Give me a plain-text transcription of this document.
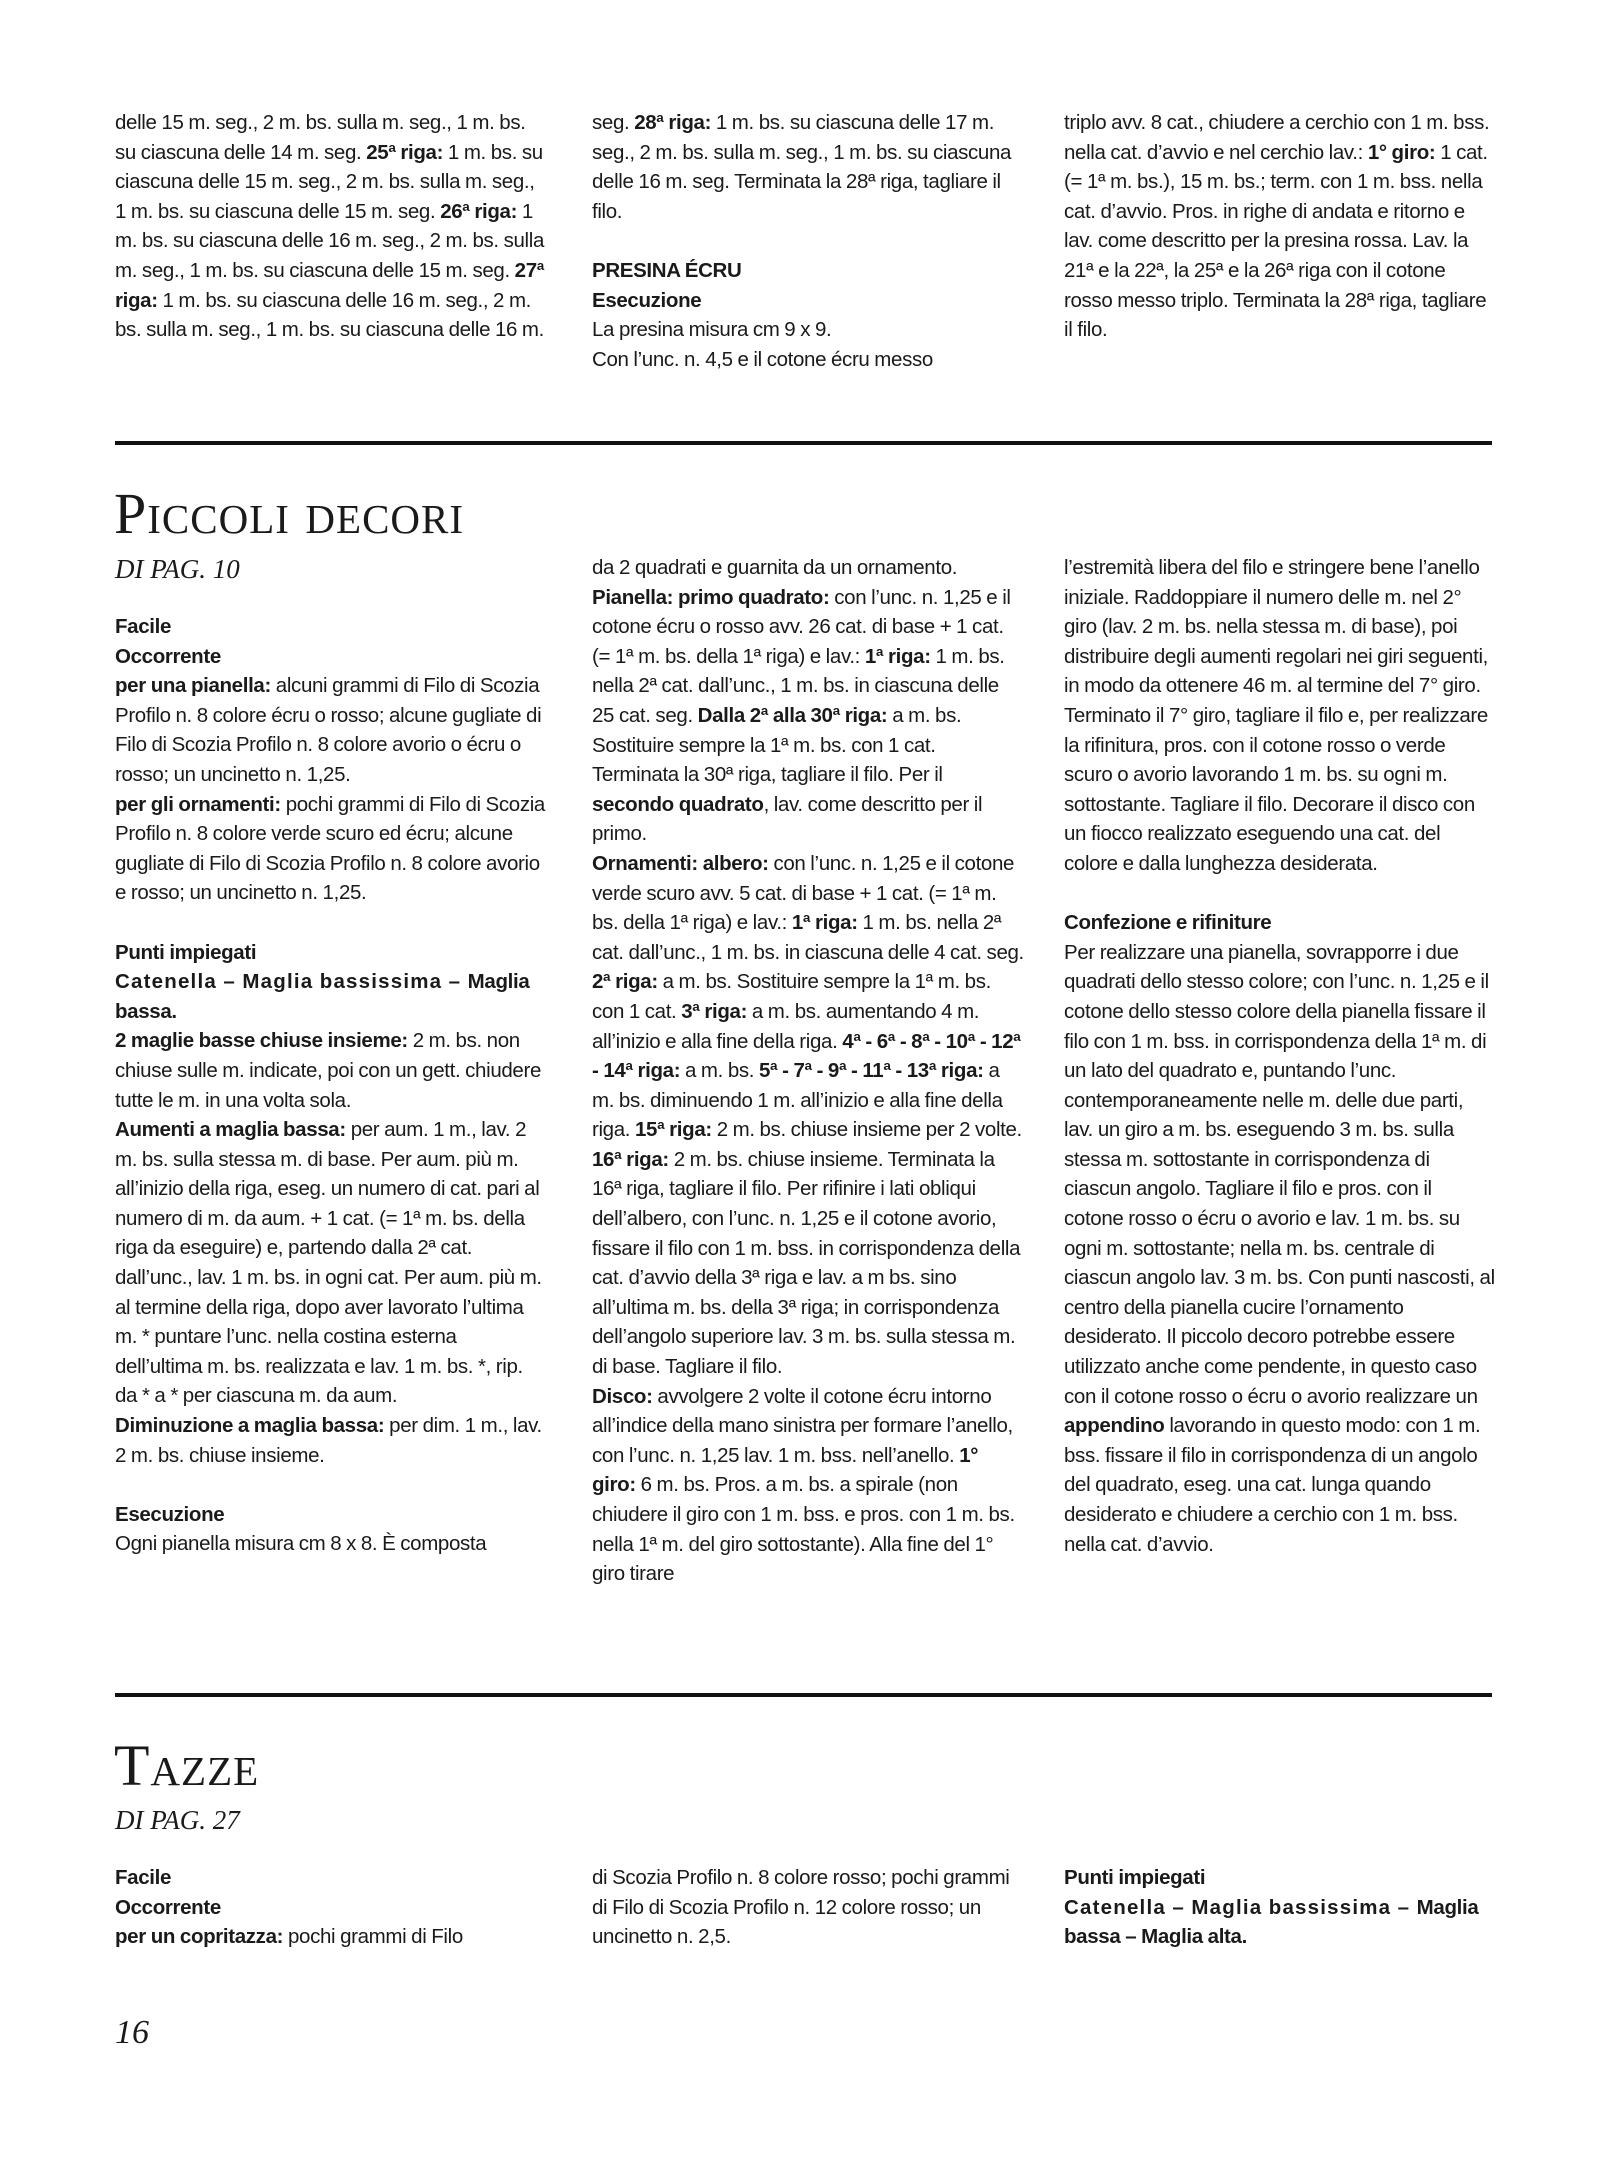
delle 15 m. seg., 2 m. bs. sulla m. seg., 1 m. bs. su ciascuna delle 14 m. seg. 25ª riga: 1 m. bs. su ciascuna delle 15 m. seg., 2 m. bs. sulla m. seg., 1 m. bs. su ciascuna delle 15 m. seg. 26ª riga: 1 m. bs. su ciascuna delle 16 m. seg., 2 m. bs. sulla m. seg., 1 m. bs. su ciascuna delle 15 m. seg. 27ª riga: 1 m. bs. su ciascuna delle 16 m. seg., 2 m. bs. sulla m. seg., 1 m. bs. su ciascuna delle 16 m.

seg. 28ª riga: 1 m. bs. su ciascuna delle 17 m. seg., 2 m. bs. sulla m. seg., 1 m. bs. su ciascuna delle 16 m. seg. Terminata la 28ª riga, tagliare il filo.

PRESINA ÉCRU

Esecuzione

La presina misura cm 9 x 9.

Con l’unc. n. 4,5 e il cotone écru messo

triplo avv. 8 cat., chiudere a cerchio con 1 m. bss. nella cat. d’avvio e nel cerchio lav.: 1° giro: 1 cat. (= 1ª m. bs.), 15 m. bs.; term. con 1 m. bss. nella cat. d’avvio. Pros. in righe di andata e ritorno e lav. come descritto per la presina rossa. Lav. la 21ª e la 22ª, la 25ª e la 26ª riga con il cotone rosso messo triplo. Terminata la 28ª riga, tagliare il filo.

Piccoli decori

DI PAG. 10

Facile

Occorrente

per una pianella: alcuni grammi di Filo di Scozia Profilo n. 8 colore écru o rosso; alcune gugliate di Filo di Scozia Profilo n. 8 colore avorio o écru o rosso; un uncinetto n. 1,25.

per gli ornamenti: pochi grammi di Filo di Scozia Profilo n. 8 colore verde scuro ed écru; alcune gugliate di Filo di Scozia Profilo n. 8 colore avorio e rosso; un uncinetto n. 1,25.

Punti impiegati

Catenella – Maglia bassissima – Maglia bassa.

2 maglie basse chiuse insieme: 2 m. bs. non chiuse sulle m. indicate, poi con un gett. chiudere tutte le m. in una volta sola.

Aumenti a maglia bassa: per aum. 1 m., lav. 2 m. bs. sulla stessa m. di base. Per aum. più m. all’inizio della riga, eseg. un numero di cat. pari al numero di m. da aum. + 1 cat. (= 1ª m. bs. della riga da eseguire) e, partendo dalla 2ª cat. dall’unc., lav. 1 m. bs. in ogni cat. Per aum. più m. al termine della riga, dopo aver lavorato l’ultima m. * puntare l’unc. nella costina esterna dell’ultima m. bs. realizzata e lav. 1 m. bs. *, rip. da * a * per ciascuna m. da aum.

Diminuzione a maglia bassa: per dim. 1 m., lav. 2 m. bs. chiuse insieme.

Esecuzione

Ogni pianella misura cm 8 x 8. È composta

da 2 quadrati e guarnita da un ornamento. Pianella: primo quadrato: con l’unc. n. 1,25 e il cotone écru o rosso avv. 26 cat. di base + 1 cat. (= 1ª m. bs. della 1ª riga) e lav.: 1ª riga: 1 m. bs. nella 2ª cat. dall’unc., 1 m. bs. in ciascuna delle 25 cat. seg. Dalla 2ª alla 30ª riga: a m. bs. Sostituire sempre la 1ª m. bs. con 1 cat. Terminata la 30ª riga, tagliare il filo. Per il secondo quadrato, lav. come descritto per il primo.

Ornamenti: albero: con l’unc. n. 1,25 e il cotone verde scuro avv. 5 cat. di base + 1 cat. (= 1ª m. bs. della 1ª riga) e lav.: 1ª riga: 1 m. bs. nella 2ª cat. dall’unc., 1 m. bs. in ciascuna delle 4 cat. seg. 2ª riga: a m. bs. Sostituire sempre la 1ª m. bs. con 1 cat. 3ª riga: a m. bs. aumentando 4 m. all’inizio e alla fine della riga. 4ª - 6ª - 8ª - 10ª - 12ª - 14ª riga: a m. bs. 5ª - 7ª - 9ª - 11ª - 13ª riga: a m. bs. diminuendo 1 m. all’inizio e alla fine della riga. 15ª riga: 2 m. bs. chiuse insieme per 2 volte. 16ª riga: 2 m. bs. chiuse insieme. Terminata la 16ª riga, tagliare il filo. Per rifinire i lati obliqui dell’albero, con l’unc. n. 1,25 e il cotone avorio, fissare il filo con 1 m. bss. in corrispondenza della cat. d’avvio della 3ª riga e lav. a m bs. sino all’ultima m. bs. della 3ª riga; in corrispondenza dell’angolo superiore lav. 3 m. bs. sulla stessa m. di base. Tagliare il filo.

Disco: avvolgere 2 volte il cotone écru intorno all’indice della mano sinistra per formare l’anello, con l’unc. n. 1,25 lav. 1 m. bss. nell’anello. 1° giro: 6 m. bs. Pros. a m. bs. a spirale (non chiudere il giro con 1 m. bss. e pros. con 1 m. bs. nella 1ª m. del giro sottostante). Alla fine del 1° giro tirare

l’estremità libera del filo e stringere bene l’anello iniziale. Raddoppiare il numero delle m. nel 2° giro (lav. 2 m. bs. nella stessa m. di base), poi distribuire degli aumenti regolari nei giri seguenti, in modo da ottenere 46 m. al termine del 7° giro. Terminato il 7° giro, tagliare il filo e, per realizzare la rifinitura, pros. con il cotone rosso o verde scuro o avorio lavorando 1 m. bs. su ogni m. sottostante. Tagliare il filo. Decorare il disco con un fiocco realizzato eseguendo una cat. del colore e dalla lunghezza desiderata.

Confezione e rifiniture

Per realizzare una pianella, sovrapporre i due quadrati dello stesso colore; con l’unc. n. 1,25 e il cotone dello stesso colore della pianella fissare il filo con 1 m. bss. in corrispondenza della 1ª m. di un lato del quadrato e, puntando l’unc. contemporaneamente nelle m. delle due parti, lav. un giro a m. bs. eseguendo 3 m. bs. sulla stessa m. sottostante in corrispondenza di ciascun angolo. Tagliare il filo e pros. con il cotone rosso o écru o avorio e lav. 1 m. bs. su ogni m. sottostante; nella m. bs. centrale di ciascun angolo lav. 3 m. bs. Con punti nascosti, al centro della pianella cucire l’ornamento desiderato. Il piccolo decoro potrebbe essere utilizzato anche come pendente, in questo caso con il cotone rosso o écru o avorio realizzare un appendino lavorando in questo modo: con 1 m. bss. fissare il filo in corrispondenza di un angolo del quadrato, eseg. una cat. lunga quando desiderato e chiudere a cerchio con 1 m. bss. nella cat. d’avvio.

Tazze

DI PAG. 27

Facile

Occorrente

per un copritazza: pochi grammi di Filo

di Scozia Profilo n. 8 colore rosso; pochi grammi di Filo di Scozia Profilo n. 12 colore rosso; un uncinetto n. 2,5.

Punti impiegati

Catenella – Maglia bassissima – Maglia bassa – Maglia alta.

16
